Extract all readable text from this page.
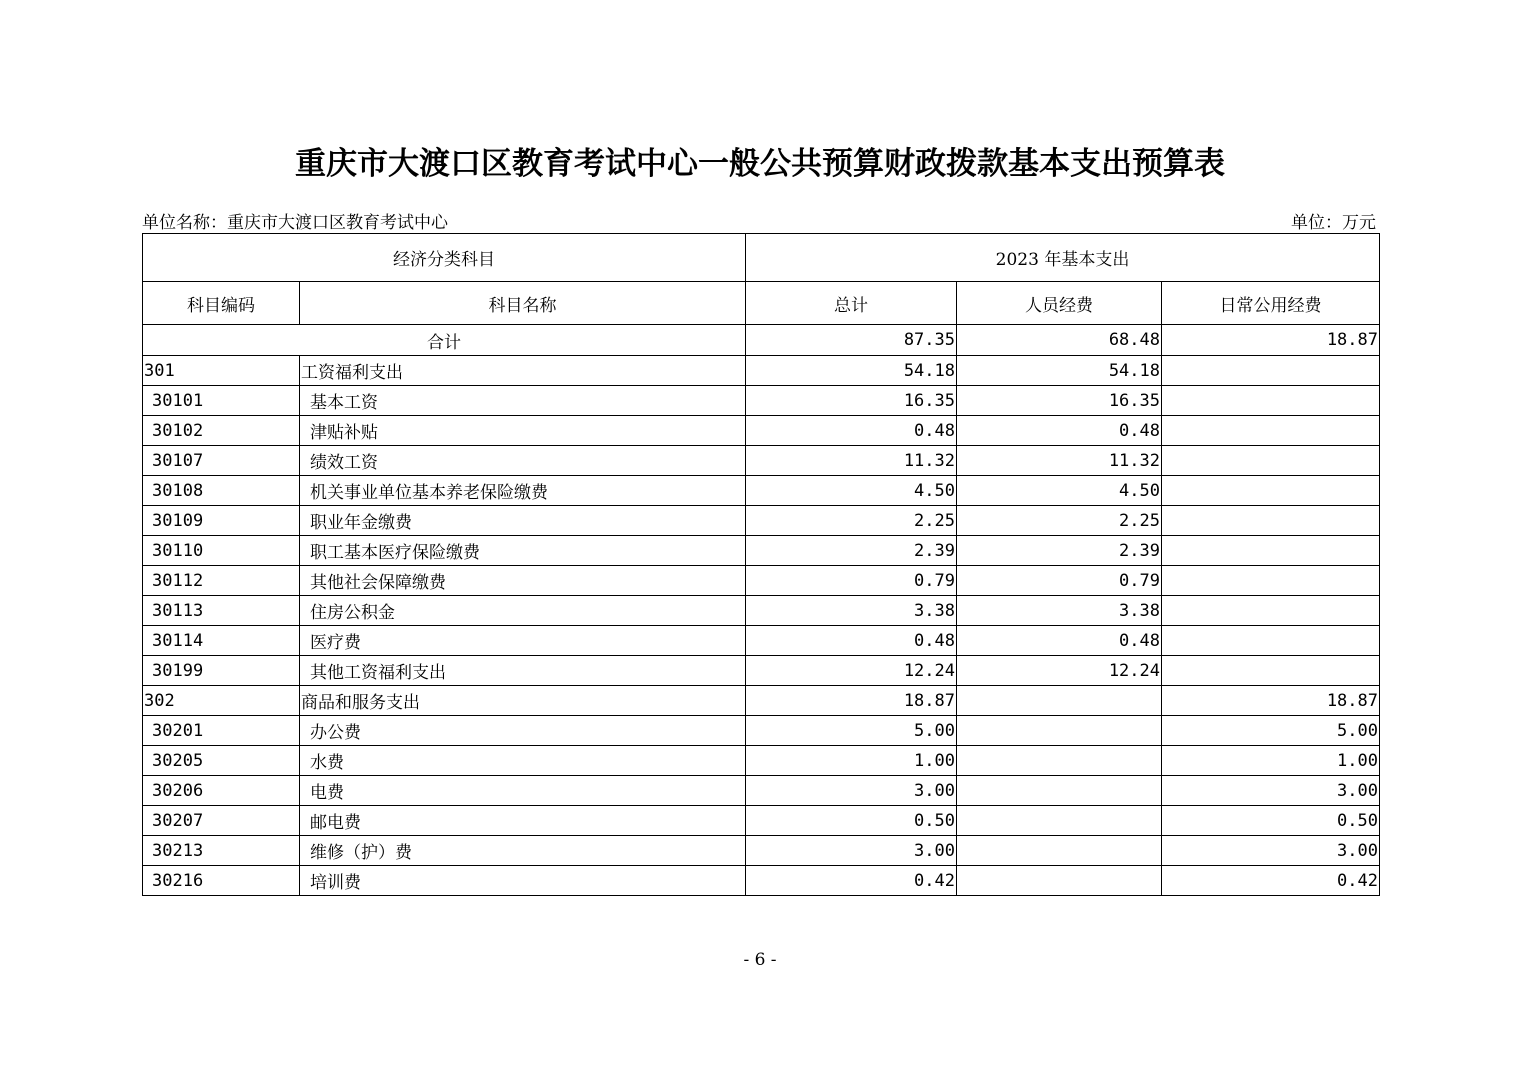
重庆市大渡口区教育考试中心一般公共预算财政拨款基本支出预算表
单位名称：重庆市大渡口区教育考试中心	单位：万元
经济分类科目		2023 年基本支出		
科目编码	科目名称	总计	人员经费	日常公用经费
合计		87.35	68.48	18.87
301	工资福利支出	54.18	54.18	
30101	基本工资	16.35	16.35	
30102	津贴补贴	0.48	0.48	
30107	绩效工资	11.32	11.32	
30108	机关事业单位基本养老保险缴费	4.50	4.50	
30109	职业年金缴费	2.25	2.25	
30110	职工基本医疗保险缴费	2.39	2.39	
30112	其他社会保障缴费	0.79	0.79	
30113	住房公积金	3.38	3.38	
30114	医疗费	0.48	0.48	
30199	其他工资福利支出	12.24	12.24	
302	商品和服务支出	18.87		18.87
30201	办公费	5.00		5.00
30205	水费	1.00		1.00
30206	电费	3.00		3.00
30207	邮电费	0.50		0.50
30213	维修（护）费	3.00		3.00
30216	培训费	0.42		0.42
- 6 -
